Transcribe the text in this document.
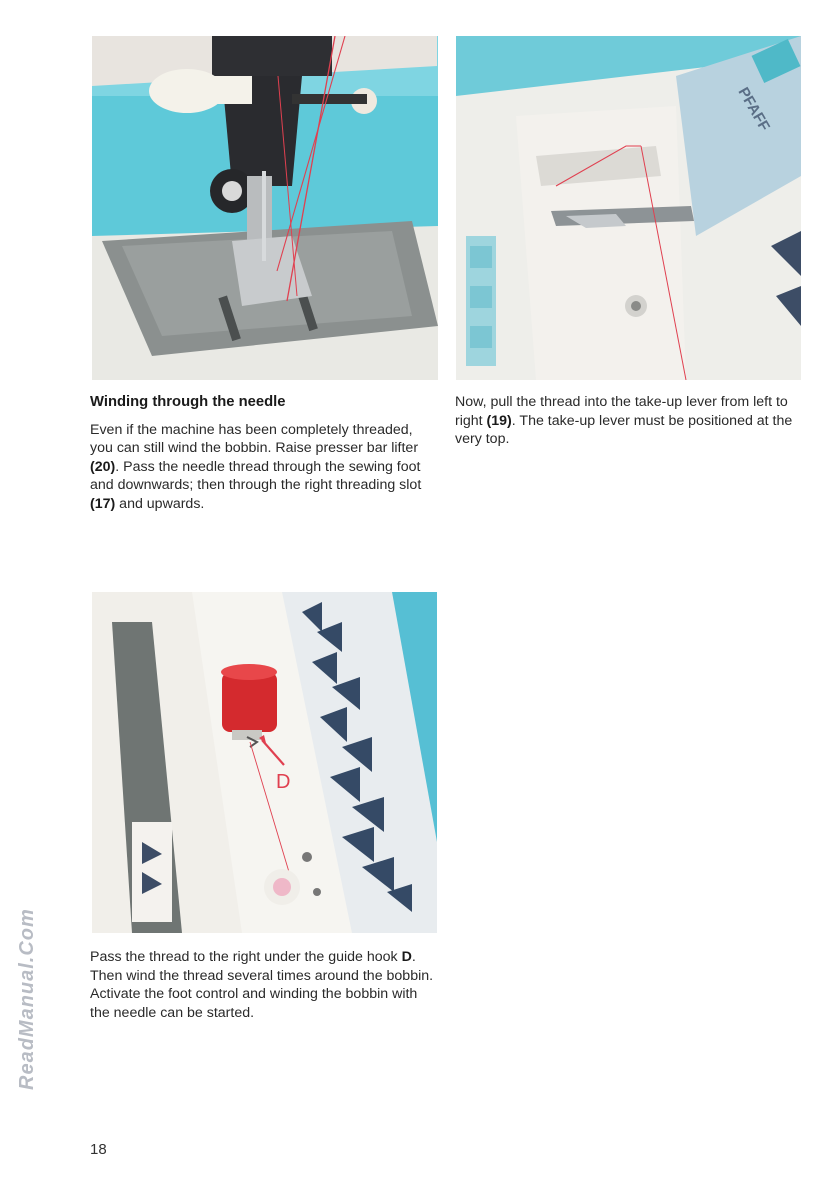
PFAFF
D
Winding through the needle

Even if the machine has been completely threaded, you can still wind the bobbin. Raise presser bar lifter (20). Pass the needle thread through the sewing foot and downwards; then through the right threading slot (17) and upwards.

Now, pull the thread into the take-up lever from left to right (19). The take-up lever must be positioned at the very top.

Pass the thread to the right under the guide hook D. Then wind the thread several times around the bobbin. Activate the foot control and winding the bobbin with the needle can be started.

18
ReadManual.Com
